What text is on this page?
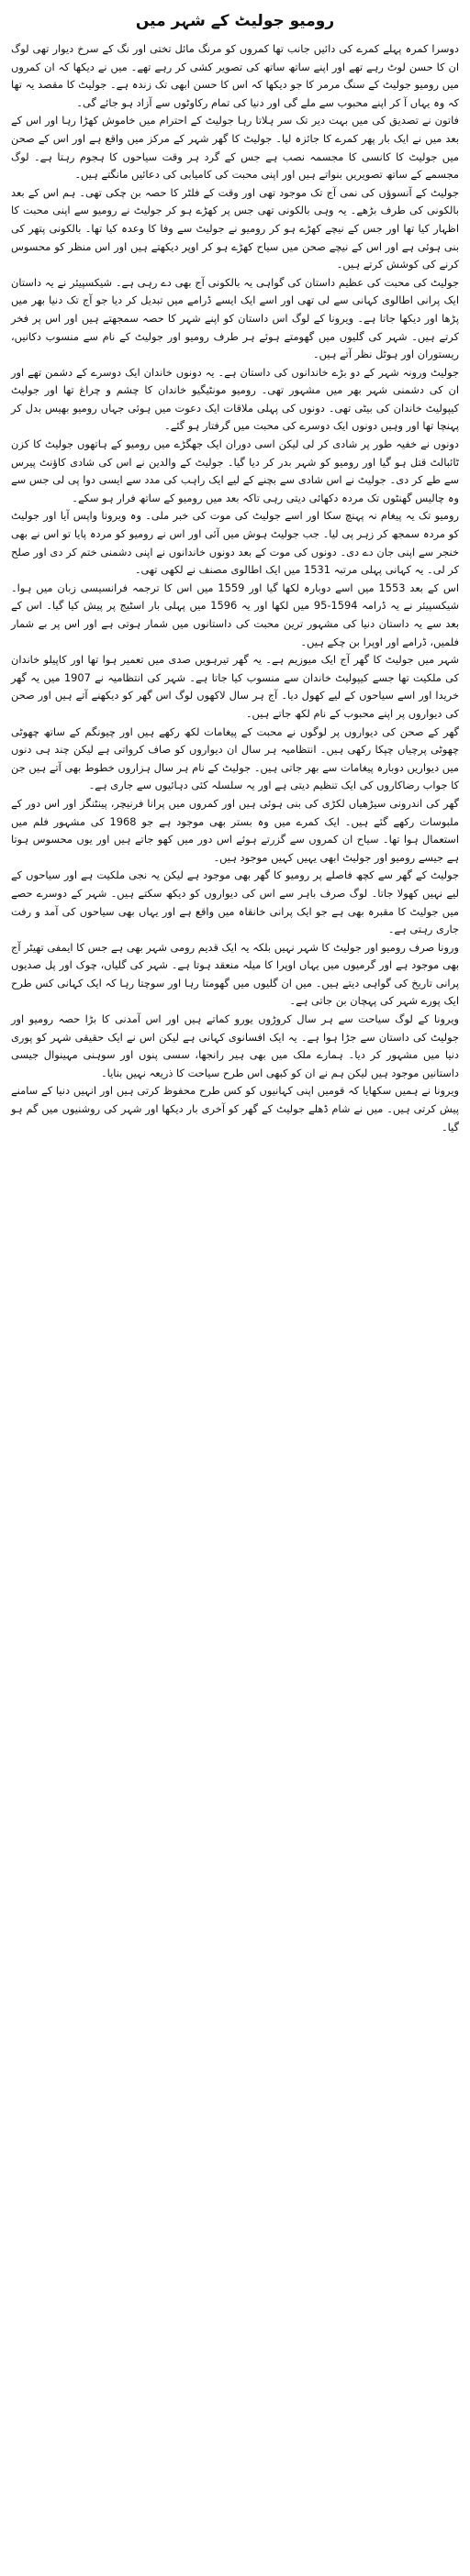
رومیو جولیٹ کے شہر میں

دوسرا کمرہ پہلے کمرے کی دائیں جانب تھا کمروں کو مرنگ مائل تختی اور نگ کے سرخ دیوار تھی لوگ ان کا حسن لوٹ رہے تھے اور اپنے ساتھ ساتھ کی تصویر کشی کر رہے تھے۔ میں نے دیکھا کہ ان کمروں میں رومیو جولیٹ کے سنگ مرمر کا جو دیکھا کہ اس کا حسن ابھی تک زندہ ہے۔ جولیٹ کا مقصد یہ تھا کہ وہ یہاں آ کر اپنے محبوب سے ملے گی اور دنیا کی تمام رکاوٹوں سے آزاد ہو جائے گی۔

فاتون نے تصدیق کی میں بہت دیر تک سر ہلاتا رہا جولیٹ کے احترام میں خاموش کھڑا رہا اور اس کے بعد میں نے ایک بار پھر کمرے کا جائزہ لیا۔ جولیٹ کا گھر شہر کے مرکز میں واقع ہے اور اس کے صحن میں جولیٹ کا کانسی کا مجسمہ نصب ہے جس کے گرد ہر وقت سیاحوں کا ہجوم رہتا ہے۔ لوگ مجسمے کے ساتھ تصویریں بنواتے ہیں اور اپنی محبت کی کامیابی کی دعائیں مانگتے ہیں۔

جولیٹ کے آنسوؤں کی نمی آج تک موجود تھی اور وقت کے فلٹر کا حصہ بن چکی تھی۔ ہم اس کے بعد بالکونی کی طرف بڑھے۔ یہ وہی بالکونی تھی جس پر کھڑے ہو کر جولیٹ نے رومیو سے اپنی محبت کا اظہار کیا تھا اور جس کے نیچے کھڑے ہو کر رومیو نے جولیٹ سے وفا کا وعدہ کیا تھا۔ بالکونی پتھر کی بنی ہوئی ہے اور اس کے نیچے صحن میں سیاح کھڑے ہو کر اوپر دیکھتے ہیں اور اس منظر کو محسوس کرنے کی کوشش کرتے ہیں۔

جولیٹ کی محبت کی عظیم داستان کی گواہی یہ بالکونی آج بھی دے رہی ہے۔ شیکسپیئر نے یہ داستان ایک پرانی اطالوی کہانی سے لی تھی اور اسے ایک ایسے ڈرامے میں تبدیل کر دیا جو آج تک دنیا بھر میں پڑھا اور دیکھا جاتا ہے۔ ویرونا کے لوگ اس داستان کو اپنے شہر کا حصہ سمجھتے ہیں اور اس پر فخر کرتے ہیں۔ شہر کی گلیوں میں گھومتے ہوئے ہر طرف رومیو اور جولیٹ کے نام سے منسوب دکانیں، ریستوران اور ہوٹل نظر آتے ہیں۔

جولیٹ ورونہ شہر کے دو بڑے خاندانوں کی داستان ہے۔ یہ دونوں خاندان ایک دوسرے کے دشمن تھے اور ان کی دشمنی شہر بھر میں مشہور تھی۔ رومیو مونٹیگیو خاندان کا چشم و چراغ تھا اور جولیٹ کیپولیٹ خاندان کی بیٹی تھی۔ دونوں کی پہلی ملاقات ایک دعوت میں ہوئی جہاں رومیو بھیس بدل کر پہنچا تھا اور وہیں دونوں ایک دوسرے کی محبت میں گرفتار ہو گئے۔

دونوں نے خفیہ طور پر شادی کر لی لیکن اسی دوران ایک جھگڑے میں رومیو کے ہاتھوں جولیٹ کا کزن ٹائبالٹ قتل ہو گیا اور رومیو کو شہر بدر کر دیا گیا۔ جولیٹ کے والدین نے اس کی شادی کاؤنٹ پیرس سے طے کر دی۔ جولیٹ نے اس شادی سے بچنے کے لیے ایک راہب کی مدد سے ایسی دوا پی لی جس سے وہ چالیس گھنٹوں تک مردہ دکھائی دیتی رہی تاکہ بعد میں رومیو کے ساتھ فرار ہو سکے۔

رومیو تک یہ پیغام نہ پہنچ سکا اور اسے جولیٹ کی موت کی خبر ملی۔ وہ ویرونا واپس آیا اور جولیٹ کو مردہ سمجھ کر زہر پی لیا۔ جب جولیٹ ہوش میں آئی اور اس نے رومیو کو مردہ پایا تو اس نے بھی خنجر سے اپنی جان دے دی۔ دونوں کی موت کے بعد دونوں خاندانوں نے اپنی دشمنی ختم کر دی اور صلح کر لی۔ یہ کہانی پہلی مرتبہ 1531 میں ایک اطالوی مصنف نے لکھی تھی۔

اس کے بعد 1553 میں اسے دوبارہ لکھا گیا اور 1559 میں اس کا ترجمہ فرانسیسی زبان میں ہوا۔ شیکسپیئر نے یہ ڈرامہ 1594-95 میں لکھا اور یہ 1596 میں پہلی بار اسٹیج پر پیش کیا گیا۔ اس کے بعد سے یہ داستان دنیا کی مشہور ترین محبت کی داستانوں میں شمار ہوتی ہے اور اس پر بے شمار فلمیں، ڈرامے اور اوپرا بن چکے ہیں۔

شہر میں جولیٹ کا گھر آج ایک میوزیم ہے۔ یہ گھر تیرہویں صدی میں تعمیر ہوا تھا اور کاپیلو خاندان کی ملکیت تھا جسے کیپولیٹ خاندان سے منسوب کیا جاتا ہے۔ شہر کی انتظامیہ نے 1907 میں یہ گھر خریدا اور اسے سیاحوں کے لیے کھول دیا۔ آج ہر سال لاکھوں لوگ اس گھر کو دیکھنے آتے ہیں اور صحن کی دیواروں پر اپنے محبوب کے نام لکھ جاتے ہیں۔

گھر کے صحن کی دیواروں پر لوگوں نے محبت کے پیغامات لکھ رکھے ہیں اور چیونگم کے ساتھ چھوٹی چھوٹی پرچیاں چپکا رکھی ہیں۔ انتظامیہ ہر سال ان دیواروں کو صاف کرواتی ہے لیکن چند ہی دنوں میں دیواریں دوبارہ پیغامات سے بھر جاتی ہیں۔ جولیٹ کے نام ہر سال ہزاروں خطوط بھی آتے ہیں جن کا جواب رضاکاروں کی ایک تنظیم دیتی ہے اور یہ سلسلہ کئی دہائیوں سے جاری ہے۔

گھر کی اندرونی سیڑھیاں لکڑی کی بنی ہوئی ہیں اور کمروں میں پرانا فرنیچر، پینٹنگز اور اس دور کے ملبوسات رکھے گئے ہیں۔ ایک کمرے میں وہ بستر بھی موجود ہے جو 1968 کی مشہور فلم میں استعمال ہوا تھا۔ سیاح ان کمروں سے گزرتے ہوئے اس دور میں کھو جاتے ہیں اور یوں محسوس ہوتا ہے جیسے رومیو اور جولیٹ ابھی یہیں کہیں موجود ہیں۔

جولیٹ کے گھر سے کچھ فاصلے پر رومیو کا گھر بھی موجود ہے لیکن یہ نجی ملکیت ہے اور سیاحوں کے لیے نہیں کھولا جاتا۔ لوگ صرف باہر سے اس کی دیواروں کو دیکھ سکتے ہیں۔ شہر کے دوسرے حصے میں جولیٹ کا مقبرہ بھی ہے جو ایک پرانی خانقاہ میں واقع ہے اور یہاں بھی سیاحوں کی آمد و رفت جاری رہتی ہے۔

ورونا صرف رومیو اور جولیٹ کا شہر نہیں بلکہ یہ ایک قدیم رومی شہر بھی ہے جس کا ایمفی تھیٹر آج بھی موجود ہے اور گرمیوں میں یہاں اوپرا کا میلہ منعقد ہوتا ہے۔ شہر کی گلیاں، چوک اور پل صدیوں پرانی تاریخ کی گواہی دیتے ہیں۔ میں ان گلیوں میں گھومتا رہا اور سوچتا رہا کہ ایک کہانی کس طرح ایک پورے شہر کی پہچان بن جاتی ہے۔

ویرونا کے لوگ سیاحت سے ہر سال کروڑوں یورو کماتے ہیں اور اس آمدنی کا بڑا حصہ رومیو اور جولیٹ کی داستان سے جڑا ہوا ہے۔ یہ ایک افسانوی کہانی ہے لیکن اس نے ایک حقیقی شہر کو پوری دنیا میں مشہور کر دیا۔ ہمارے ملک میں بھی ہیر رانجھا، سسی پنوں اور سوہنی مہینوال جیسی داستانیں موجود ہیں لیکن ہم نے ان کو کبھی اس طرح سیاحت کا ذریعہ نہیں بنایا۔

ویرونا نے ہمیں سکھایا کہ قومیں اپنی کہانیوں کو کس طرح محفوظ کرتی ہیں اور انہیں دنیا کے سامنے پیش کرتی ہیں۔ میں نے شام ڈھلے جولیٹ کے گھر کو آخری بار دیکھا اور شہر کی روشنیوں میں گم ہو گیا۔
